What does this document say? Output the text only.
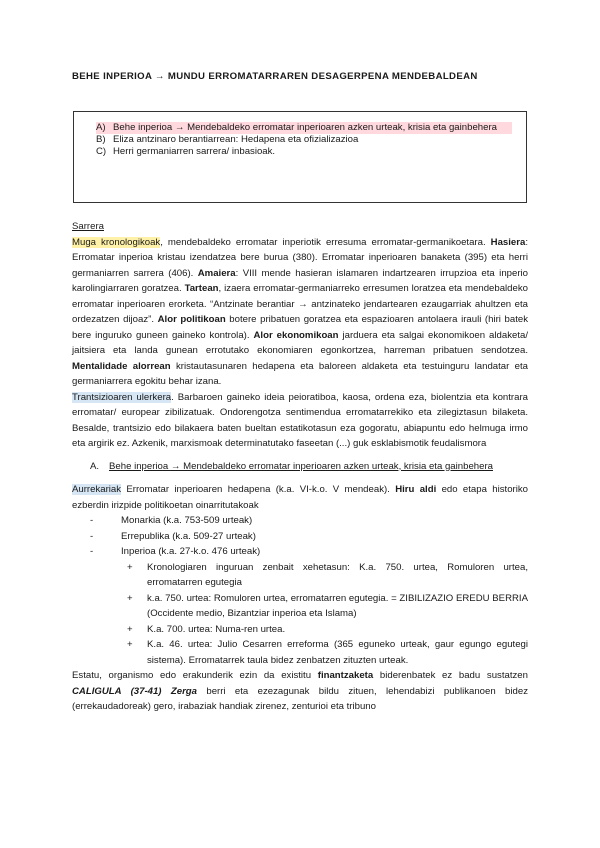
BEHE INPERIOA → MUNDU ERROMATARRAREN DESAGERPENA MENDEBALDEAN
A) Behe inperioa → Mendebaldeko erromatar inperioaren azken urteak, krisia eta gainbehera
B) Eliza antzinaro berantiarrean: Hedapena eta ofizializazioa
C) Herri germaniarren sarrera/ inbasioak.
Sarrera

Muga kronologikoak, mendebaldeko erromatar inperiotik erresuma erromatar-germanikoetara. Hasiera: Erromatar inperioa kristau izendatzea bere burua (380). Erromatar inperioaren banaketa (395) eta herri germaniarren sarrera (406). Amaiera: VIII mende hasieran islamaren indartzearen irrupzioa eta inperio karolingiarraren goratzea. Tartean, izaera erromatar-germaniarreko erresumen loratzea eta mendebaldeko erromatar inperioaren erorketa. “Antzinate berantiar → antzinateko jendartearen ezaugarriak ahultzen eta ordezatzen dijoaz”. Alor politikoan botere pribatuen goratzea eta espazioaren antolaera irauli (hiri batek bere inguruko guneen gaineko kontrola). Alor ekonomikoan jarduera eta salgai ekonomikoen aldaketa/ jaitsiera eta landa gunean errotutako ekonomiaren egonkortzea, harreman pribatuen sendotzea. Mentalidade alorrean kristautasunaren hedapena eta baloreen aldaketa eta testuinguru landatar eta germaniarrera egokitu behar izana.

Trantsizioaren ulerkera. Barbaroen gaineko ideia peioratiboa, kaosa, ordena eza, biolentzia eta kontrara erromatar/ europear zibilizatuak. Ondorengotza sentimendua erromatarrekiko eta zilegiztasun bilaketa. Besalde, trantsizio edo bilakaera baten bueltan estatikotasun eza gogoratu, abiapuntu edo helmuga irmo eta argirik ez. Azkenik, marxismoak determinatutako faseetan (...) guk esklabismotik feudalismora

A.	Behe inperioa → Mendebaldeko erromatar inperioaren azken urteak, krisia eta gainbehera

Aurrekariak Erromatar inperioaren hedapena (k.a. VI-k.o. V mendeak). Hiru aldi edo etapa historiko ezberdin irizpide politikoetan oinarritutakoak

-	Monarkia (k.a. 753-509 urteak)
-	Errepublika (k.a. 509-27 urteak)
-	Inperioa (k.a. 27-k.o. 476 urteak)
+	Kronologiaren inguruan zenbait xehetasun: K.a. 750. urtea, Romuloren urtea, erromatarren egutegia
+	k.a. 750. urtea: Romuloren urtea, erromatarren egutegia. = ZIBILIZAZIO EREDU BERRIA (Occidente medio, Bizantziar inperioa eta Islama)
+	K.a. 700. urtea: Numa-ren urtea.
+	K.a. 46. urtea: Julio Cesarren erreforma (365 eguneko urteak, gaur egungo egutegi sistema). Erromatarrek taula bidez zenbatzen zituzten urteak.

Estatu, organismo edo erakunderik ezin da existitu finantzaketa biderenbatek ez badu sustatzen CALIGULA (37-41) Zerga berri eta ezezagunak bildu zituen, lehendabizi publikanoen bidez (errekaudadoreak) gero, irabaziak handiak zirenez, zenturioi eta tribuno
